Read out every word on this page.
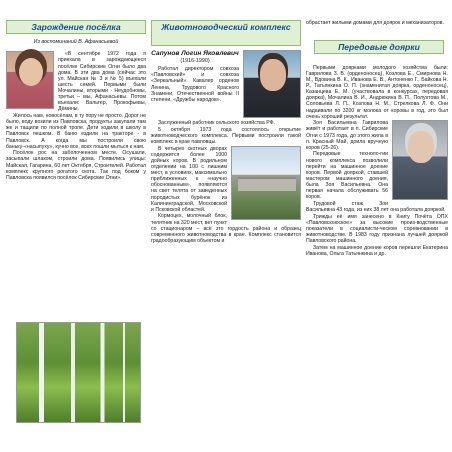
Зарождение посёлка

Из воспоминаний В. Афанасьевой

«В сентябре 1972 года я приехала в зарождающееся посёлке Сибирские Огни было два дома. В эти два дома (сейчас это ул. Майская № 3 и № 5) въехали шесть семей. Первыми были Мочалины, вторыми - Неудобновы, третьи – мы, Афанасьевы. Потом въехали: Вальтер, Прокофьевы, Дёмины.

Жилось нам, новосёлам, в ту пору не просто. Дорог не было, воду возили из Павловска, продукты закупали там же и тащили по полной тропе. Дети ходили в школу в Павловск пешком. В баню ездили на тракторе - в Павловск. А когда мы построили свою баньку-«насыпуху», кучно все, всех пошли мыться к нам.

Посёлок рос на заболоченном месте. Осушали, засыпали шлаком, строили дома. Появились улицы: Майская, Гагарина, 60 лет Октября, Строителей. Работал комплекс крупного рогатого скота. Так под боком у Павловска появился посёлок Сибирские Огни».

Животноводческий комплекс

Сапунов Логин Яковлевич

(1916-1990)

Работал директором совхоза «Павловский» и совхоза «Зеркальный». Кавалер орденов Ленина, Трудового Красного Знамени, Отечественной войны II степени, «Дружбы народов».

Заслуженный работник сельского хозяйства РФ.

5 октября 1973 года состоялось открытие животноводческого комплекса. Первыми построили такой комплекс в крае павловцы.

В четырех скотных дворах содержится более 1000 дойных коров. В родильном отделении на 100 с лишним мест, в условиях, максимально приближенных к «научно обоснованным», появляются на свет телята от заведенных породистых бурёнок из Калининградской, Московской и Псковской областей.

Кормоцех, молочный блок, телятник на 320 мест, вет пункт со стационаром – всё это гордость района и образец современного животноводства в крае. Комплекс становится градообразующим объектом и

обрастает жилыми домами для доярок и механизаторов.

Передовые доярки

Первыми доярками молодого хозяйства были: Гаврилова З. В. (орденоносец), Козлова Е., Смирнова Н. М., Вдовина В. К., Иванова Е. В., Антоненко Г., Байкова Н. Р., Татьянкина О. П. (знаменитая доярка, орденоносец), Казанцева Е. М. (участвовала в конкурсах, передовая доярка), Мочалина В. И., Андрюкина В. П., Полухтова М., Соловьева Л. П., Козлова Н. М., Стрелкова Л. Ф. Они надаивали по 3200 кг молока от коровы в год, это был очень хороший результат.

Зоя Васильевна Гаврилова живёт и работает в п. Сибирские Огни с 1973 года, до этого жила в п. Красный Май, доила вручную коров (25-26).

Передовые техноло-гии нового комплекса позволили перейти на машинное доение коров. Первой дояркой, ставшей мастером машинного доения, была Зоя Васильевна. Она первая начала обслуживать 56 коров.

Трудовой стаж Зои Васильевна 43 года, из них 38 лет она работала дояркой.

Трижды её имя занесено в Книгу Почёта ОПХ «Павловскоюское» за высокие произ-водственные показатели в социалисти-ческом соревновании в животноводстве. В 1983 году признана лучшей дояркой Павловского района.

Затем на машинное доение коров перешли Екатерина Иванова, Ольга Татьянкина и др.
